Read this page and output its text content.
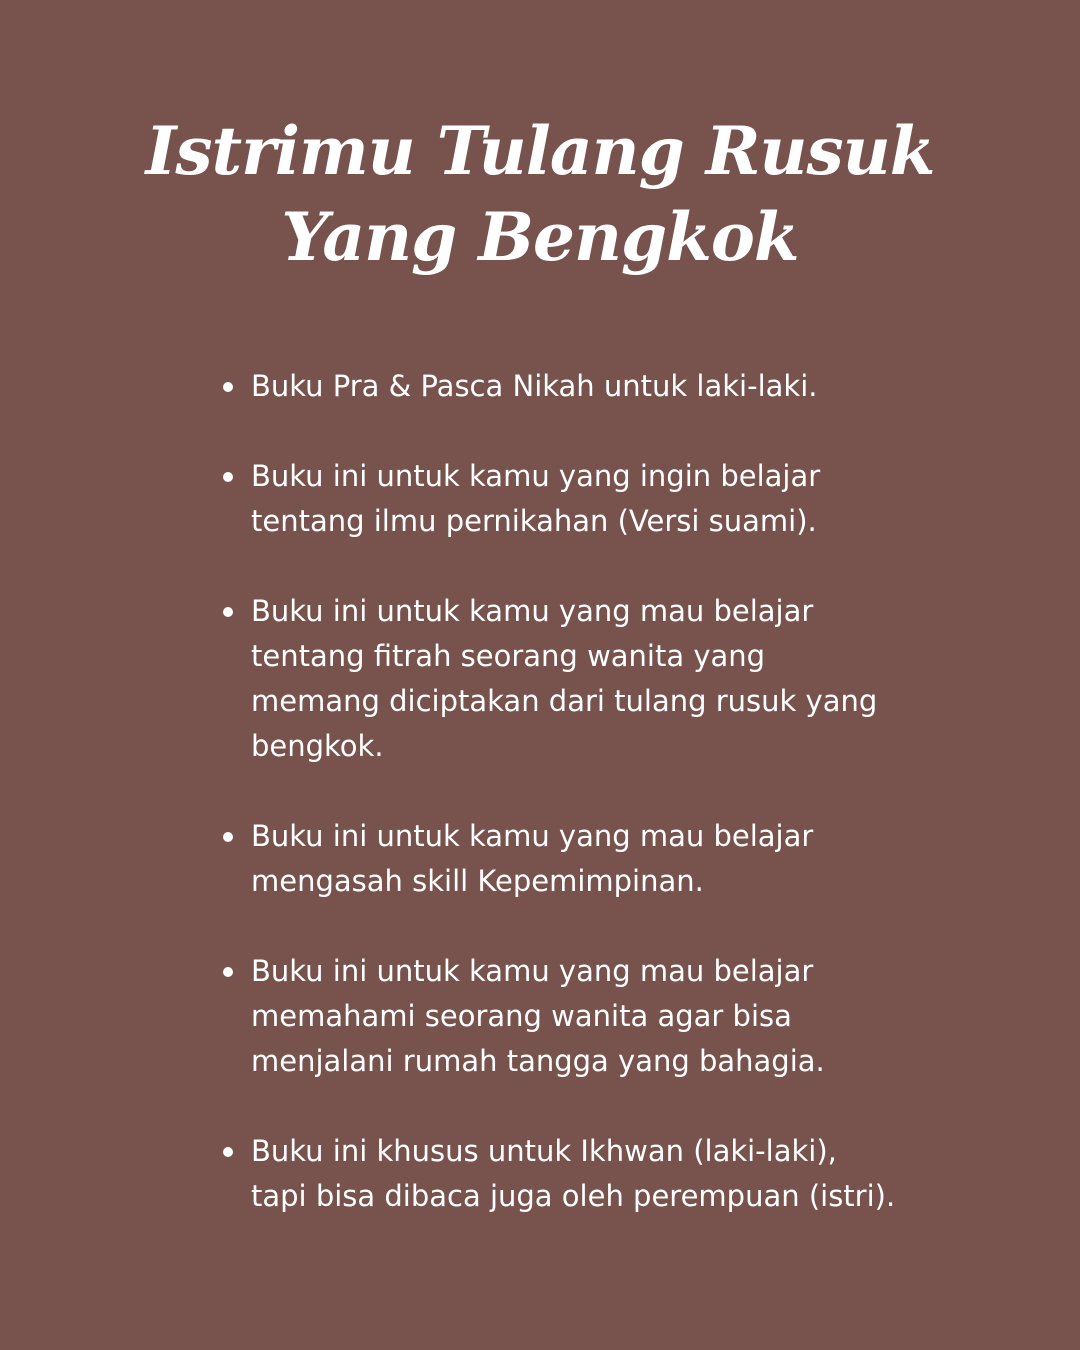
Istrimu Tulang Rusuk
Yang Bengkok
Buku Pra & Pasca Nikah untuk laki-laki.
Buku ini untuk kamu yang ingin belajar tentang ilmu pernikahan (Versi suami).
Buku ini untuk kamu yang mau belajar tentang fitrah seorang wanita yang memang diciptakan dari tulang rusuk yang bengkok.
Buku ini untuk kamu yang mau belajar mengasah skill Kepemimpinan.
Buku ini untuk kamu yang mau belajar memahami seorang wanita agar bisa menjalani rumah tangga yang bahagia.
Buku ini khusus untuk Ikhwan (laki-laki), tapi bisa dibaca juga oleh perempuan (istri).
